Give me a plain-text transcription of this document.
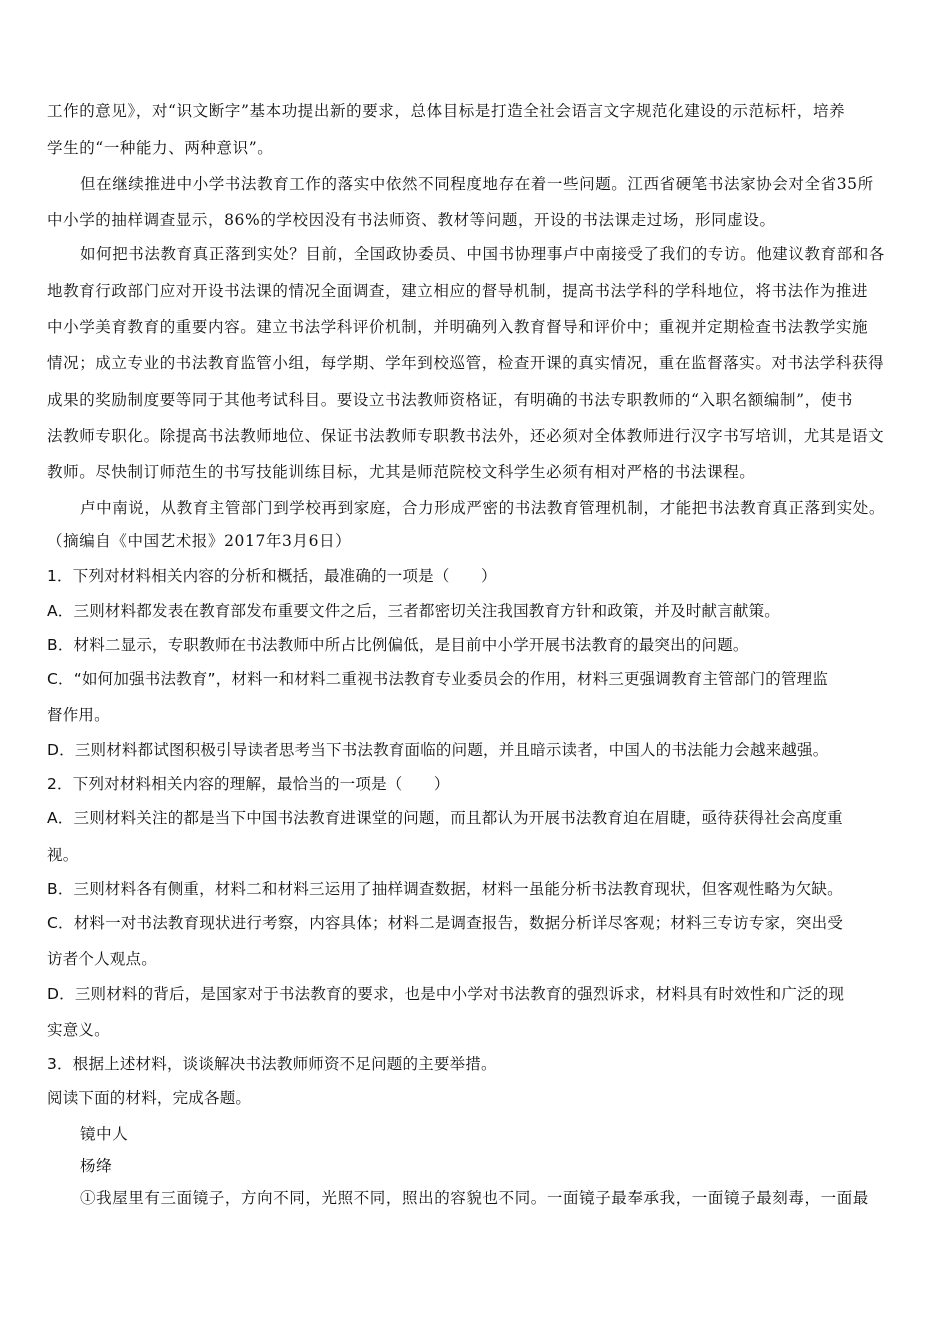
工作的意见》，对“识文断字”基本功提出新的要求，总体目标是打造全社会语言文字规范化建设的示范标杆，培养
学生的“一种能力、两种意识”。
但在继续推进中小学书法教育工作的落实中依然不同程度地存在着一些问题。江西省硬笔书法家协会对全省35所
中小学的抽样调查显示，86%的学校因没有书法师资、教材等问题，开设的书法课走过场，形同虚设。
如何把书法教育真正落到实处？目前，全国政协委员、中国书协理事卢中南接受了我们的专访。他建议教育部和各
地教育行政部门应对开设书法课的情况全面调查，建立相应的督导机制，提高书法学科的学科地位，将书法作为推进
中小学美育教育的重要内容。建立书法学科评价机制，并明确列入教育督导和评价中；重视并定期检查书法教学实施
情况；成立专业的书法教育监管小组，每学期、学年到校巡管，检查开课的真实情况，重在监督落实。对书法学科获得
成果的奖励制度要等同于其他考试科目。要设立书法教师资格证，有明确的书法专职教师的“入职名额编制”，使书
法教师专职化。除提高书法教师地位、保证书法教师专职教书法外，还必须对全体教师进行汉字书写培训，尤其是语文
教师。尽快制订师范生的书写技能训练目标，尤其是师范院校文科学生必须有相对严格的书法课程。
卢中南说，从教育主管部门到学校再到家庭，合力形成严密的书法教育管理机制，才能把书法教育真正落到实处。
（摘编自《中国艺术报》2017年3月6日）
1．下列对材料相关内容的分析和概括，最准确的一项是（　　）
A．三则材料都发表在教育部发布重要文件之后，三者都密切关注我国教育方针和政策，并及时献言献策。
B．材料二显示，专职教师在书法教师中所占比例偏低，是目前中小学开展书法教育的最突出的问题。
C．“如何加强书法教育”，材料一和材料二重视书法教育专业委员会的作用，材料三更强调教育主管部门的管理监
督作用。
D．三则材料都试图积极引导读者思考当下书法教育面临的问题，并且暗示读者，中国人的书法能力会越来越强。
2．下列对材料相关内容的理解，最恰当的一项是（　　）
A．三则材料关注的都是当下中国书法教育进课堂的问题，而且都认为开展书法教育迫在眉睫，亟待获得社会高度重
视。
B．三则材料各有侧重，材料二和材料三运用了抽样调查数据，材料一虽能分析书法教育现状，但客观性略为欠缺。
C．材料一对书法教育现状进行考察，内容具体；材料二是调查报告，数据分析详尽客观；材料三专访专家，突出受
访者个人观点。
D．三则材料的背后，是国家对于书法教育的要求，也是中小学对书法教育的强烈诉求，材料具有时效性和广泛的现
实意义。
3．根据上述材料，谈谈解决书法教师师资不足问题的主要举措。
阅读下面的材料，完成各题。
镜中人
杨绛
①我屋里有三面镜子，方向不同，光照不同，照出的容貌也不同。一面镜子最奉承我，一面镜子最刻毒，一面最
